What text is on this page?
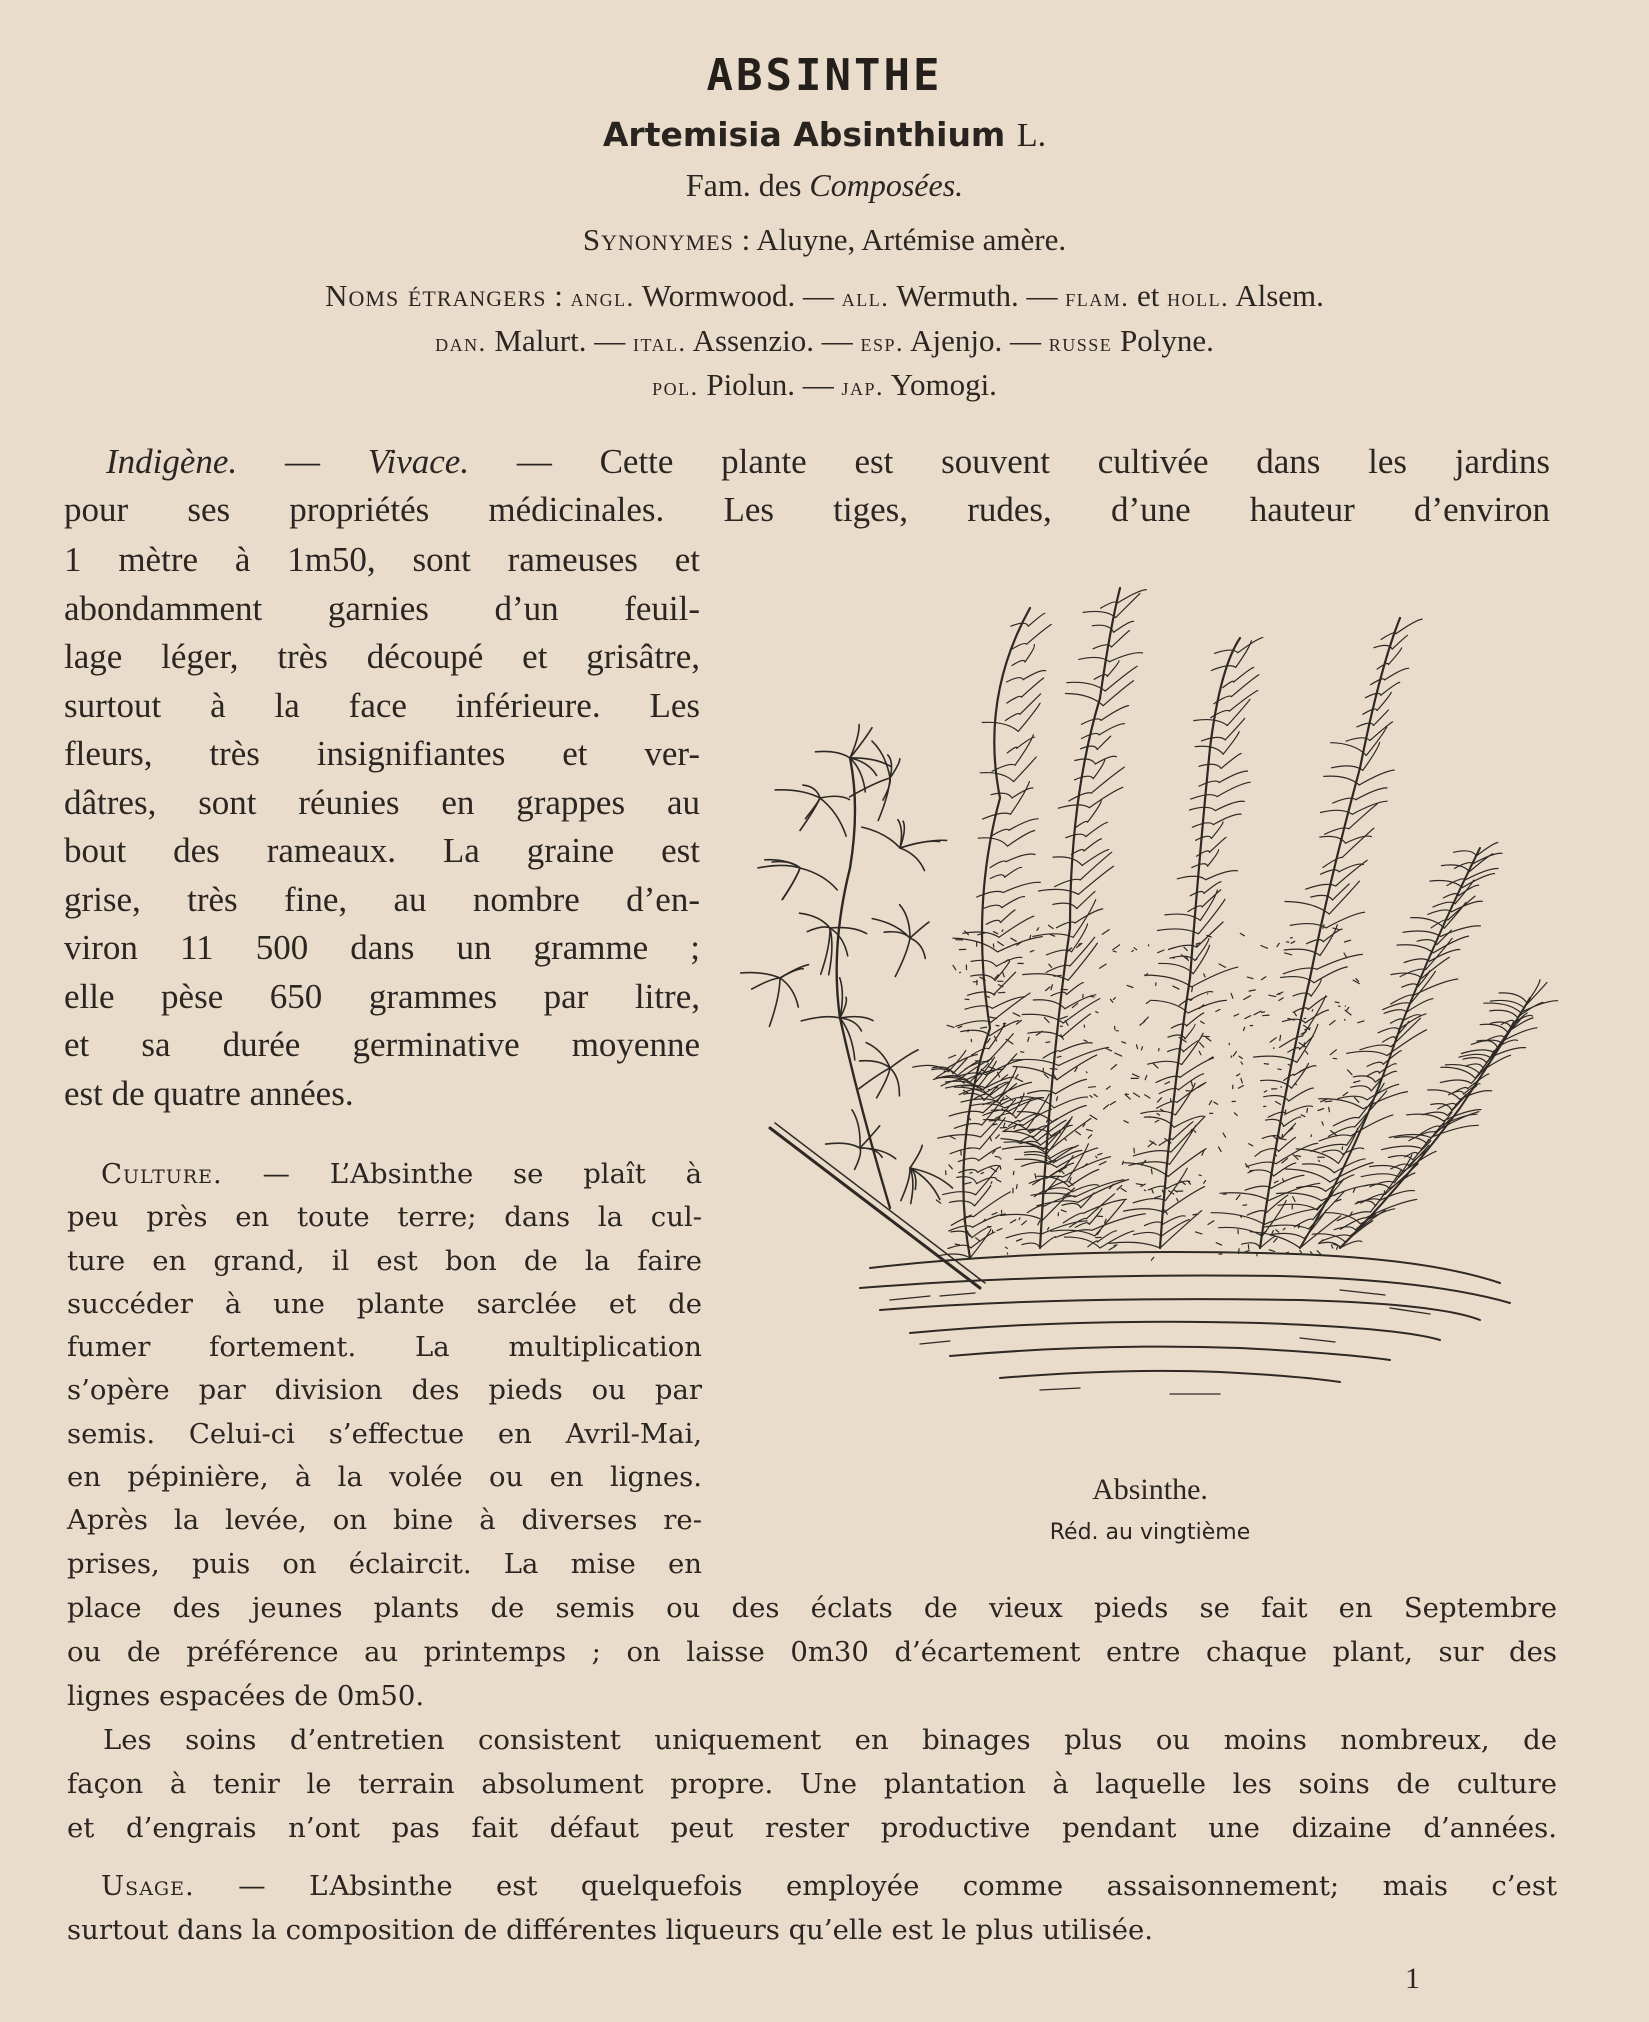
ABSINTHE
Artemisia Absinthium L.
Fam. des Composées.
Synonymes : Aluyne, Artémise amère.
Noms étrangers : angl. Wormwood. — all. Wermuth. — flam. et holl. Alsem.
dan. Malurt. — ital. Assenzio. — esp. Ajenjo. — russe Polyne.
pol. Piolun. — jap. Yomogi.
Indigène. — Vivace. — Cette plante est souvent cultivée dans les jardins
pour ses propriétés médicinales. Les tiges, rudes, d’une hauteur d’environ
1 mètre à 1m50, sont rameuses et
abondamment garnies d’un feuil-
lage léger, très découpé et grisâtre,
surtout à la face inférieure. Les
fleurs, très insignifiantes et ver-
dâtres, sont réunies en grappes au
bout des rameaux. La graine est
grise, très fine, au nombre d’en-
viron 11 500 dans un gramme ;
elle pèse 650 grammes par litre,
et sa durée germinative moyenne
est de quatre années.
Culture. — L’Absinthe se plaît à
peu près en toute terre; dans la cul-
ture en grand, il est bon de la faire
succéder à une plante sarclée et de
fumer fortement. La multiplication
s’opère par division des pieds ou par
semis. Celui-ci s’effectue en Avril-Mai,
en pépinière, à la volée ou en lignes.
Après la levée, on bine à diverses re-
prises, puis on éclaircit. La mise en
place des jeunes plants de semis ou des éclats de vieux pieds se fait en Septembre
ou de préférence au printemps ; on laisse 0m30 d’écartement entre chaque plant, sur des
lignes espacées de 0m50.
Les soins d’entretien consistent uniquement en binages plus ou moins nombreux, de
façon à tenir le terrain absolument propre. Une plantation à laquelle les soins de culture
et d’engrais n’ont pas fait défaut peut rester productive pendant une dizaine d’années.
Usage. — L’Absinthe est quelquefois employée comme assaisonnement; mais c’est
surtout dans la composition de différentes liqueurs qu’elle est le plus utilisée.
Absinthe.
Réd. au vingtième
1
